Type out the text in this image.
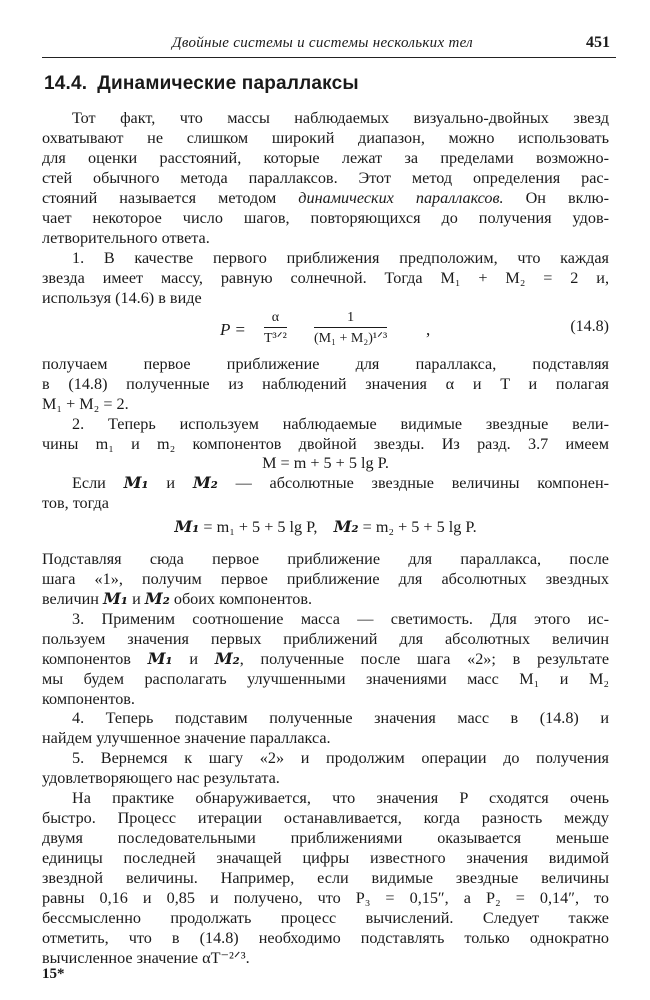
Двойные системы и системы нескольких тел	451
14.4. Динамические параллаксы
Тот факт, что массы наблюдаемых визуально-двойных звезд
охватывают не слишком широкий диапазон, можно использовать
для оценки расстояний, которые лежат за пределами возможно-
стей обычного метода параллаксов. Этот метод определения рас-
стояний называется методом динамических параллаксов. Он вклю-
чает некоторое число шагов, повторяющихся до получения удов-
летворительного ответа.
1. В качестве первого приближения предположим, что каждая
звезда имеет массу, равную солнечной. Тогда M₁ + M₂ = 2 и,
используя (14.6) в виде
P =
α
T³ᐟ²
1
(M₁ + M₂)¹ᐟ³ ,	(14.8)
получаем первое приближение для параллакса, подставляя
в (14.8) полученные из наблюдений значения α и T и полагая
M₁ + M₂ = 2.
2. Теперь используем наблюдаемые видимые звездные вели-
чины m₁ и m₂ компонентов двойной звезды. Из разд. 3.7 имеем
M = m + 5 + 5 lg P.
Если M₁ и M₂ — абсолютные звездные величины компонен-
тов, тогда
M₁ = m₁ + 5 + 5 lg P, M₂ = m₂ + 5 + 5 lg P.
Подставляя сюда первое приближение для параллакса, после
шага «1», получим первое приближение для абсолютных звездных
величин M₁ и M₂ обоих компонентов.
3. Применим соотношение масса — светимость. Для этого ис-
пользуем значения первых приближений для абсолютных величин
компонентов M₁ и M₂, полученные после шага «2»; в результате
мы будем располагать улучшенными значениями масс M₁ и M₂
компонентов.
4. Теперь подставим полученные значения масс в (14.8) и
найдем улучшенное значение параллакса.
5. Вернемся к шагу «2» и продолжим операции до получения
удовлетворяющего нас результата.
На практике обнаруживается, что значения P сходятся очень
быстро. Процесс итерации останавливается, когда разность между
двумя последовательными приближениями оказывается меньше
единицы последней значащей цифры известного значения видимой
звездной величины. Например, если видимые звездные величины
равны 0,16 и 0,85 и получено, что P₃ = 0,15″, а P₂ = 0,14″, то
бессмысленно продолжать процесс вычислений. Следует также
отметить, что в (14.8) необходимо подставлять только однократно
вычисленное значение αT⁻²ᐟ³.
15*
